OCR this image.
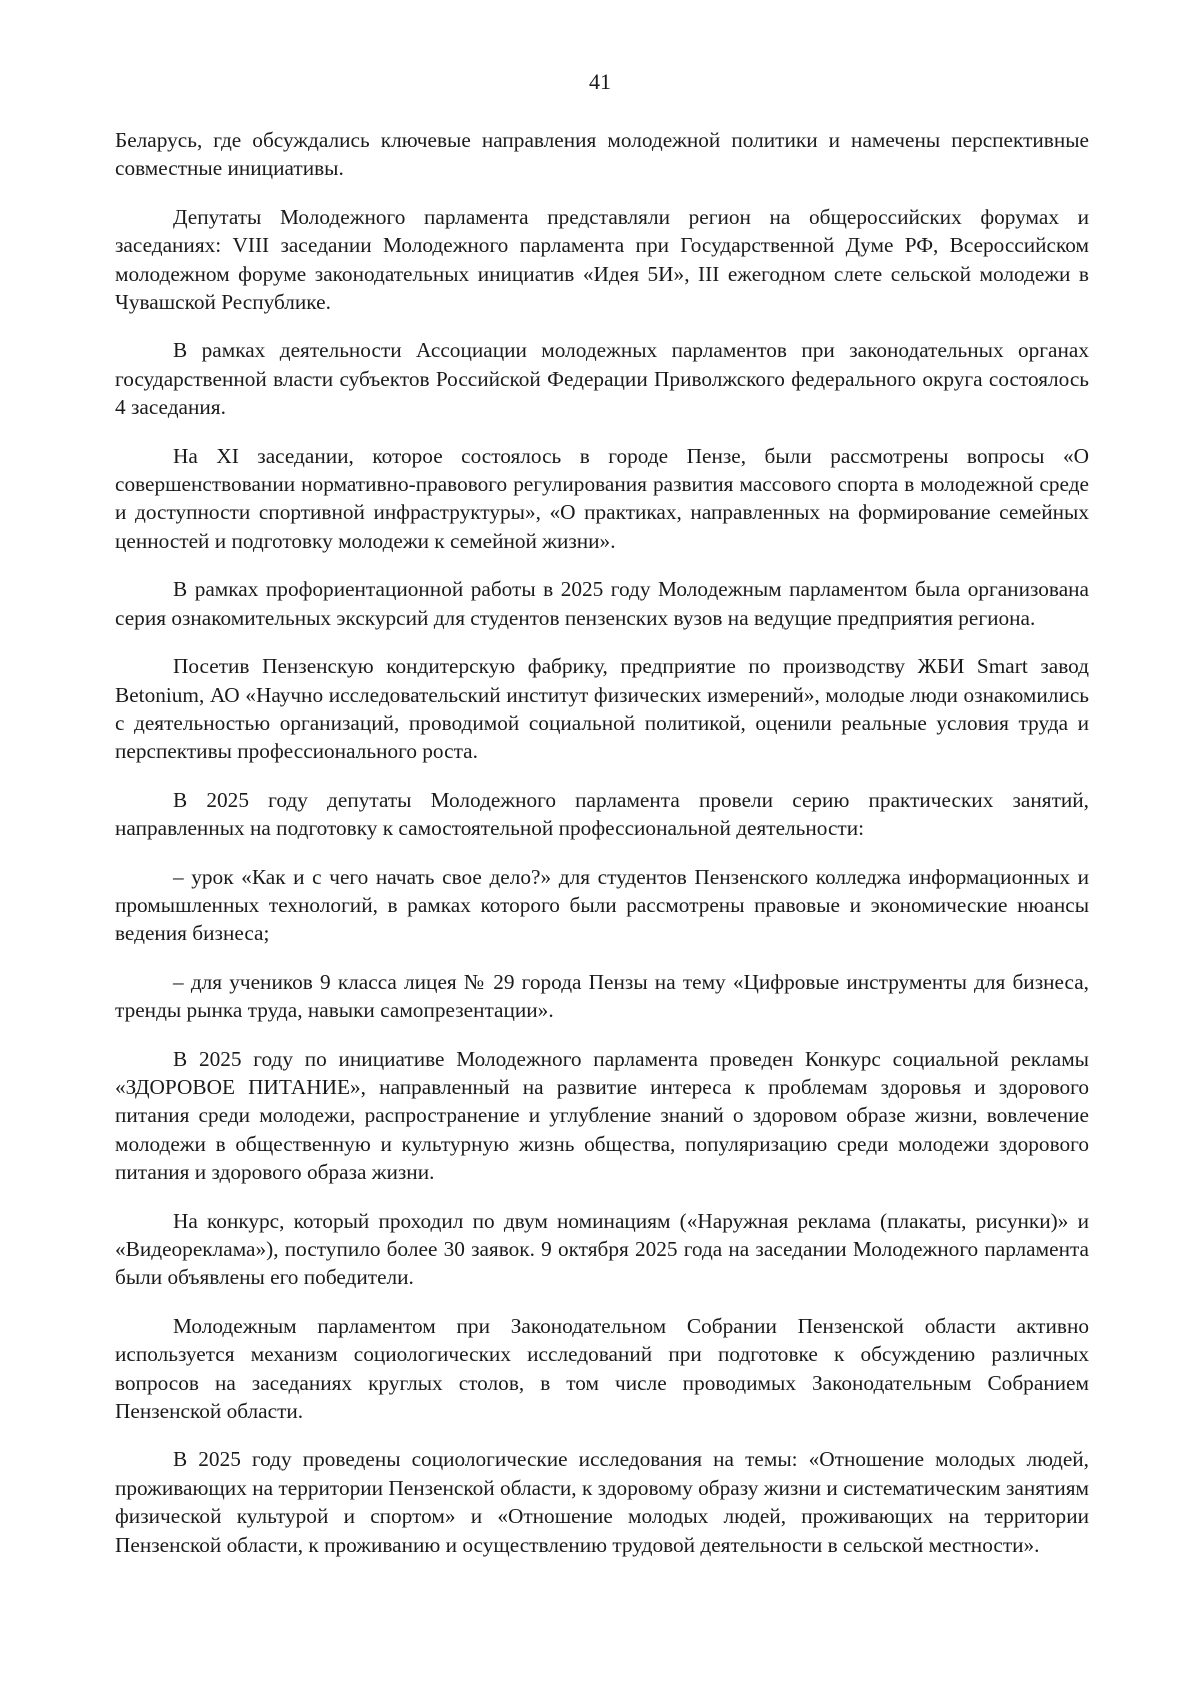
41

Беларусь, где обсуждались ключевые направления молодежной политики и намечены перспективные совместные инициативы.

Депутаты Молодежного парламента представляли регион на общероссийских форумах и заседаниях: VIII заседании Молодежного парламента при Государственной Думе РФ, Всероссийском молодежном форуме законодательных инициатив «Идея 5И», III ежегодном слете сельской молодежи в Чувашской Республике.

В рамках деятельности Ассоциации молодежных парламентов при законодательных органах государственной власти субъектов Российской Федерации Приволжского федерального округа состоялось 4 заседания.

На XI заседании, которое состоялось в городе Пензе, были рассмотрены вопросы «О совершенствовании нормативно-правового регулирования развития массового спорта в молодежной среде и доступности спортивной инфраструктуры», «О практиках, направленных на формирование семейных ценностей и подготовку молодежи к семейной жизни».

В рамках профориентационной работы в 2025 году Молодежным парламентом была организована серия ознакомительных экскурсий для студентов пензенских вузов на ведущие предприятия региона.

Посетив Пензенскую кондитерскую фабрику, предприятие по производству ЖБИ Smart завод Betonium, АО «Научно исследовательский институт физических измерений», молодые люди ознакомились с деятельностью организаций, проводимой социальной политикой, оценили реальные условия труда и перспективы профессионального роста.

В 2025 году депутаты Молодежного парламента провели серию практических занятий, направленных на подготовку к самостоятельной профессиональной деятельности:

– урок «Как и с чего начать свое дело?» для студентов Пензенского колледжа информационных и промышленных технологий, в рамках которого были рассмотрены правовые и экономические нюансы ведения бизнеса;

– для учеников 9 класса лицея № 29 города Пензы на тему «Цифровые инструменты для бизнеса, тренды рынка труда, навыки самопрезентации».

В 2025 году по инициативе Молодежного парламента проведен Конкурс социальной рекламы «ЗДОРОВОЕ ПИТАНИЕ», направленный на развитие интереса к проблемам здоровья и здорового питания среди молодежи, распространение и углубление знаний о здоровом образе жизни, вовлечение молодежи в общественную и культурную жизнь общества, популяризацию среди молодежи здорового питания и здорового образа жизни.

На конкурс, который проходил по двум номинациям («Наружная реклама (плакаты, рисунки)» и «Видеореклама»), поступило более 30 заявок. 9 октября 2025 года на заседании Молодежного парламента были объявлены его победители.

Молодежным парламентом при Законодательном Собрании Пензенской области активно используется механизм социологических исследований при подготовке к обсуждению различных вопросов на заседаниях круглых столов, в том числе проводимых Законодательным Собранием Пензенской области.

В 2025 году проведены социологические исследования на темы: «Отношение молодых людей, проживающих на территории Пензенской области, к здоровому образу жизни и систематическим занятиям физической культурой и спортом» и «Отношение молодых людей, проживающих на территории Пензенской области, к проживанию и осуществлению трудовой деятельности в сельской местности».
